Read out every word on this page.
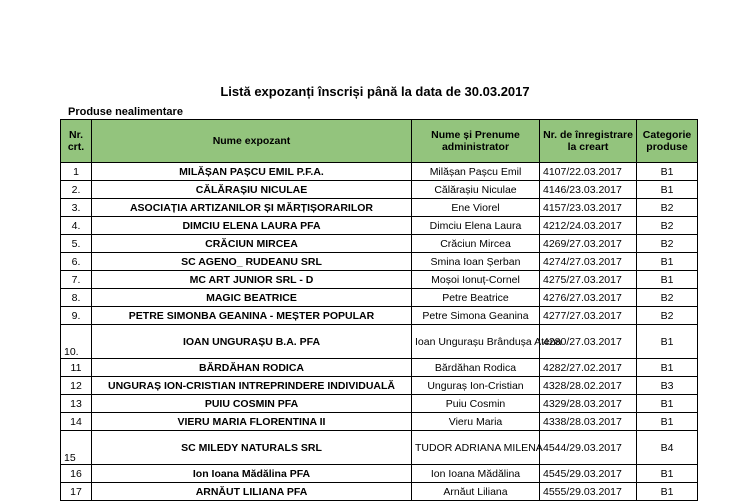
Listă expozanți înscriși până la data de 30.03.2017
Produse nealimentare
Nr. crt.	Nume expozant	Nume și Prenume administrator	Nr. de înregistrare la creart	Categorie produse
1	MILĂȘAN PAȘCU EMIL P.F.A.	Milășan Pașcu Emil	4107/22.03.2017	B1
2.	CĂLĂRAȘIU NICULAE	Călărașiu Niculae	4146/23.03.2017	B1
3.	ASOCIAȚIA ARTIZANILOR ȘI MĂRȚIȘORARILOR	Ene Viorel	4157/23.03.2017	B2
4.	DIMCIU ELENA LAURA PFA	Dimciu Elena Laura	4212/24.03.2017	B2
5.	CRĂCIUN MIRCEA	Crăciun Mircea	4269/27.03.2017	B2
6.	SC AGENO_ RUDEANU SRL	Smina Ioan Șerban	4274/27.03.2017	B1
7.	MC ART JUNIOR SRL - D	Moșoi Ionuț-Cornel	4275/27.03.2017	B1
8.	MAGIC BEATRICE	Petre Beatrice	4276/27.03.2017	B2
9.	PETRE SIMONBA GEANINA - MEȘTER POPULAR	Petre Simona Geanina	4277/27.03.2017	B2
10.	IOAN UNGURAȘU B.A. PFA	Ioan Ungurașu Brândușa Atena	4280/27.03.2017	B1
11	BĂRDĂHAN RODICA	Bărdăhan Rodica	4282/27.02.2017	B1
12	UNGURAȘ ION-CRISTIAN INTREPRINDERE INDIVIDUALĂ	Unguraș Ion-Cristian	4328/28.02.2017	B3
13	PUIU COSMIN PFA	Puiu Cosmin	4329/28.03.2017	B1
14	VIERU MARIA FLORENTINA II	Vieru Maria	4338/28.03.2017	B1
15	SC MILEDY NATURALS SRL	TUDOR ADRIANA MILENA	4544/29.03.2017	B4
16	Ion Ioana Mădălina PFA	Ion Ioana Mădălina	4545/29.03.2017	B1
17	ARNĂUT LILIANA PFA	Arnăut Liliana	4555/29.03.2017	B1
